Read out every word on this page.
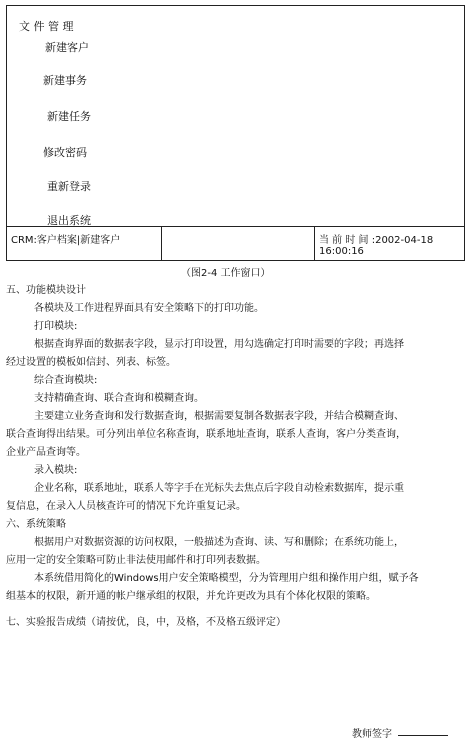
文 件 管 理
新建客户
新建事务
新建任务
修改密码
重新登录
退出系统
CRM:客户档案|新建客户	当 前 时 间 :2002-04-18
16:00:16
（图2-4 工作窗口）
五、功能模块设计
各模块及工作进程界面具有安全策略下的打印功能。
打印模块:
根据查询界面的数据表字段，显示打印设置，用勾选确定打印时需要的字段；再选择
经过设置的模板如信封、列表、标签。
综合查询模块:
支持精确查询、联合查询和模糊查询。
主要建立业务查询和发行数据查询，根据需要复制各数据表字段，并结合模糊查询、
联合查询得出结果。可分列出单位名称查询，联系地址查询，联系人查询，客户分类查询，
企业产品查询等。
录入模块:
企业名称，联系地址，联系人等字手在光标失去焦点后字段自动检索数据库，提示重
复信息，在录入人员核查许可的情况下允许重复记录。
六、系统策略
根据用户对数据资源的访问权限，一般描述为查询、读、写和删除；在系统功能上，
应用一定的安全策略可防止非法使用邮件和打印列表数据。
本系统借用简化的Windows用户安全策略模型，分为管理用户组和操作用户组，赋予各
组基本的权限，新开通的帐户继承组的权限，并允许更改为具有个体化权限的策略。
七、实验报告成绩（请按优，良，中，及格，不及格五级评定）
教师签字
